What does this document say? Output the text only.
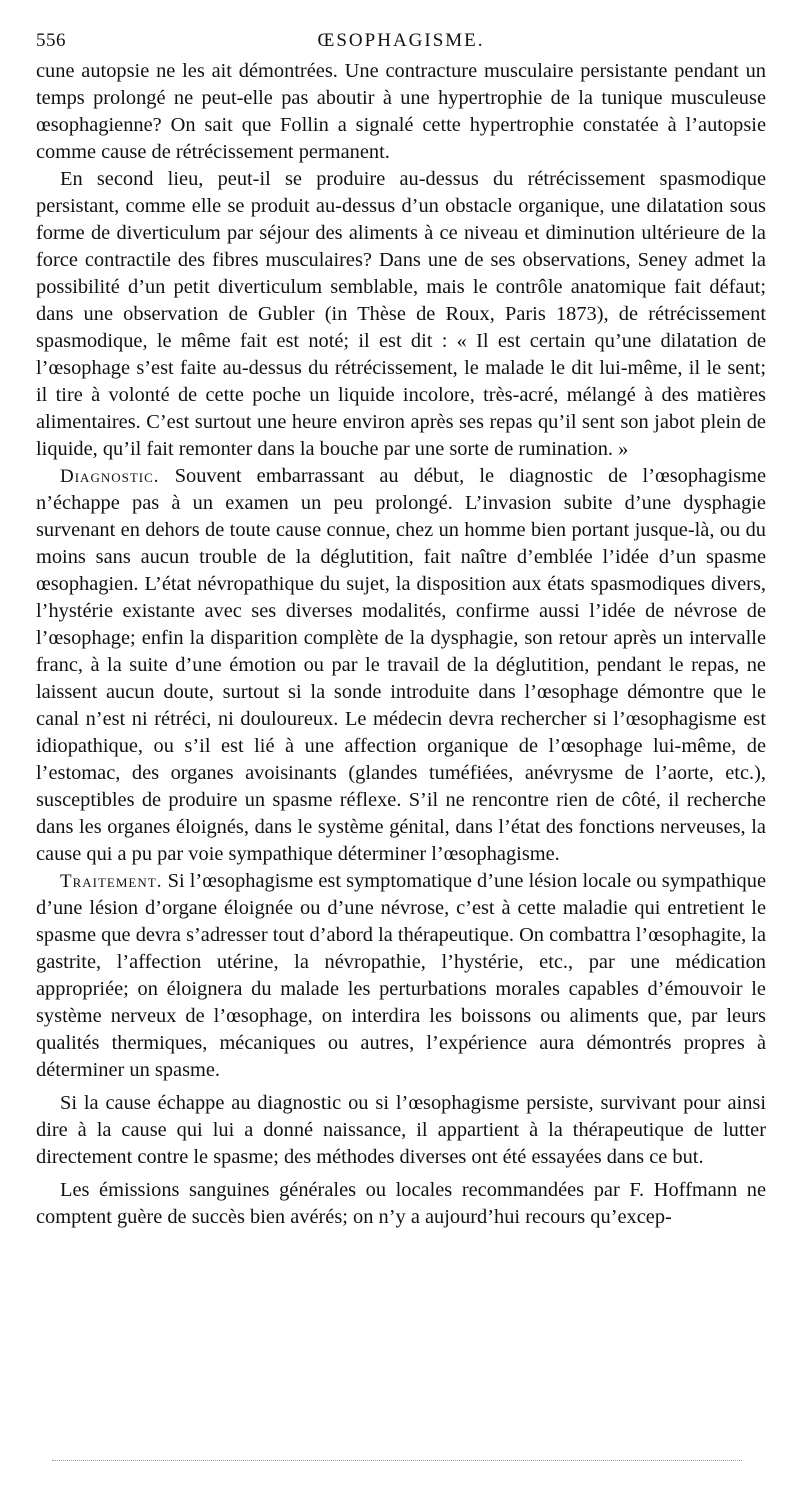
556	ŒSOPHAGISME.

cune autopsie ne les ait démontrées. Une contracture musculaire persistante pendant un temps prolongé ne peut-elle pas aboutir à une hypertrophie de la tunique musculeuse œsophagienne? On sait que Follin a signalé cette hypertrophie constatée à l’autopsie comme cause de rétrécissement permanent.

En second lieu, peut-il se produire au-dessus du rétrécissement spasmodique persistant, comme elle se produit au-dessus d’un obstacle organique, une dilatation sous forme de diverticulum par séjour des aliments à ce niveau et diminution ultérieure de la force contractile des fibres musculaires? Dans une de ses observations, Seney admet la possibilité d’un petit diverticulum semblable, mais le contrôle anatomique fait défaut; dans une observation de Gubler (in Thèse de Roux, Paris 1873), de rétrécissement spasmodique, le même fait est noté; il est dit : « Il est certain qu’une dilatation de l’œsophage s’est faite au-dessus du rétrécissement, le malade le dit lui-même, il le sent; il tire à volonté de cette poche un liquide incolore, très-acré, mélangé à des matières alimentaires. C’est surtout une heure environ après ses repas qu’il sent son jabot plein de liquide, qu’il fait remonter dans la bouche par une sorte de rumination. »

Diagnostic. Souvent embarrassant au début, le diagnostic de l’œsophagisme n’échappe pas à un examen un peu prolongé. L’invasion subite d’une dysphagie survenant en dehors de toute cause connue, chez un homme bien portant jusque-là, ou du moins sans aucun trouble de la déglutition, fait naître d’emblée l’idée d’un spasme œsophagien. L’état névropathique du sujet, la disposition aux états spasmodiques divers, l’hystérie existante avec ses diverses modalités, confirme aussi l’idée de névrose de l’œsophage; enfin la disparition complète de la dysphagie, son retour après un intervalle franc, à la suite d’une émotion ou par le travail de la déglutition, pendant le repas, ne laissent aucun doute, surtout si la sonde introduite dans l’œsophage démontre que le canal n’est ni rétréci, ni douloureux. Le médecin devra rechercher si l’œsophagisme est idiopathique, ou s’il est lié à une affection organique de l’œsophage lui-même, de l’estomac, des organes avoisinants (glandes tuméfiées, anévrysme de l’aorte, etc.), susceptibles de produire un spasme réflexe. S’il ne rencontre rien de côté, il recherche dans les organes éloignés, dans le système génital, dans l’état des fonctions nerveuses, la cause qui a pu par voie sympathique déterminer l’œsophagisme.

Traitement. Si l’œsophagisme est symptomatique d’une lésion locale ou sympathique d’une lésion d’organe éloignée ou d’une névrose, c’est à cette maladie qui entretient le spasme que devra s’adresser tout d’abord la thérapeutique. On combattra l’œsophagite, la gastrite, l’affection utérine, la névropathie, l’hystérie, etc., par une médication appropriée; on éloignera du malade les perturbations morales capables d’émouvoir le système nerveux de l’œsophage, on interdira les boissons ou aliments que, par leurs qualités thermiques, mécaniques ou autres, l’expérience aura démontrés propres à déterminer un spasme.

Si la cause échappe au diagnostic ou si l’œsophagisme persiste, survivant pour ainsi dire à la cause qui lui a donné naissance, il appartient à la thérapeutique de lutter directement contre le spasme; des méthodes diverses ont été essayées dans ce but.

Les émissions sanguines générales ou locales recommandées par F. Hoffmann ne comptent guère de succès bien avérés; on n’y a aujourd’hui recours qu’excep-
